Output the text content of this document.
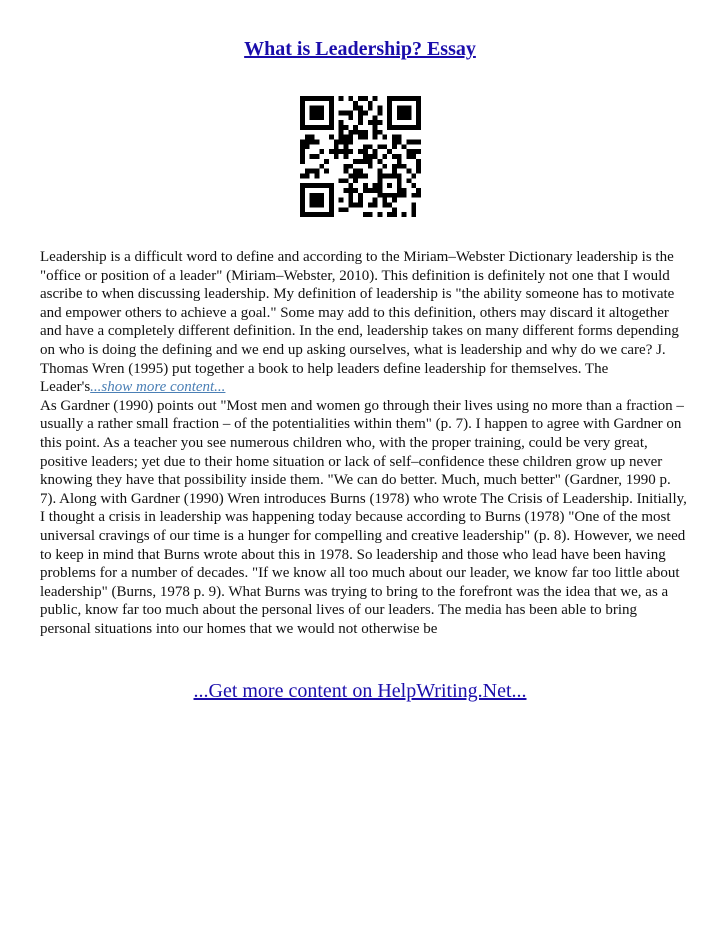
What is Leadership? Essay

Leadership is a difficult word to define and according to the Miriam–Webster Dictionary leadership is the "office or position of a leader" (Miriam–Webster, 2010). This definition is definitely not one that I would ascribe to when discussing leadership. My definition of leadership is "the ability someone has to motivate and empower others to achieve a goal." Some may add to this definition, others may discard it altogether and have a completely different definition. In the end, leadership takes on many different forms depending on who is doing the defining and we end up asking ourselves, what is leadership and why do we care? J. Thomas Wren (1995) put together a book to help leaders define leadership for themselves. The Leader's...show more content...

As Gardner (1990) points out "Most men and women go through their lives using no more than a fraction – usually a rather small fraction – of the potentialities within them" (p. 7). I happen to agree with Gardner on this point. As a teacher you see numerous children who, with the proper training, could be very great, positive leaders; yet due to their home situation or lack of self–confidence these children grow up never knowing they have that possibility inside them. "We can do better. Much, much better" (Gardner, 1990 p. 7). Along with Gardner (1990) Wren introduces Burns (1978) who wrote The Crisis of Leadership. Initially, I thought a crisis in leadership was happening today because according to Burns (1978) "One of the most universal cravings of our time is a hunger for compelling and creative leadership" (p. 8). However, we need to keep in mind that Burns wrote about this in 1978. So leadership and those who lead have been having problems for a number of decades. "If we know all too much about our leader, we know far too little about leadership" (Burns, 1978 p. 9). What Burns was trying to bring to the forefront was the idea that we, as a public, know far too much about the personal lives of our leaders. The media has been able to bring personal situations into our homes that we would not otherwise be

...Get more content on HelpWriting.Net...
